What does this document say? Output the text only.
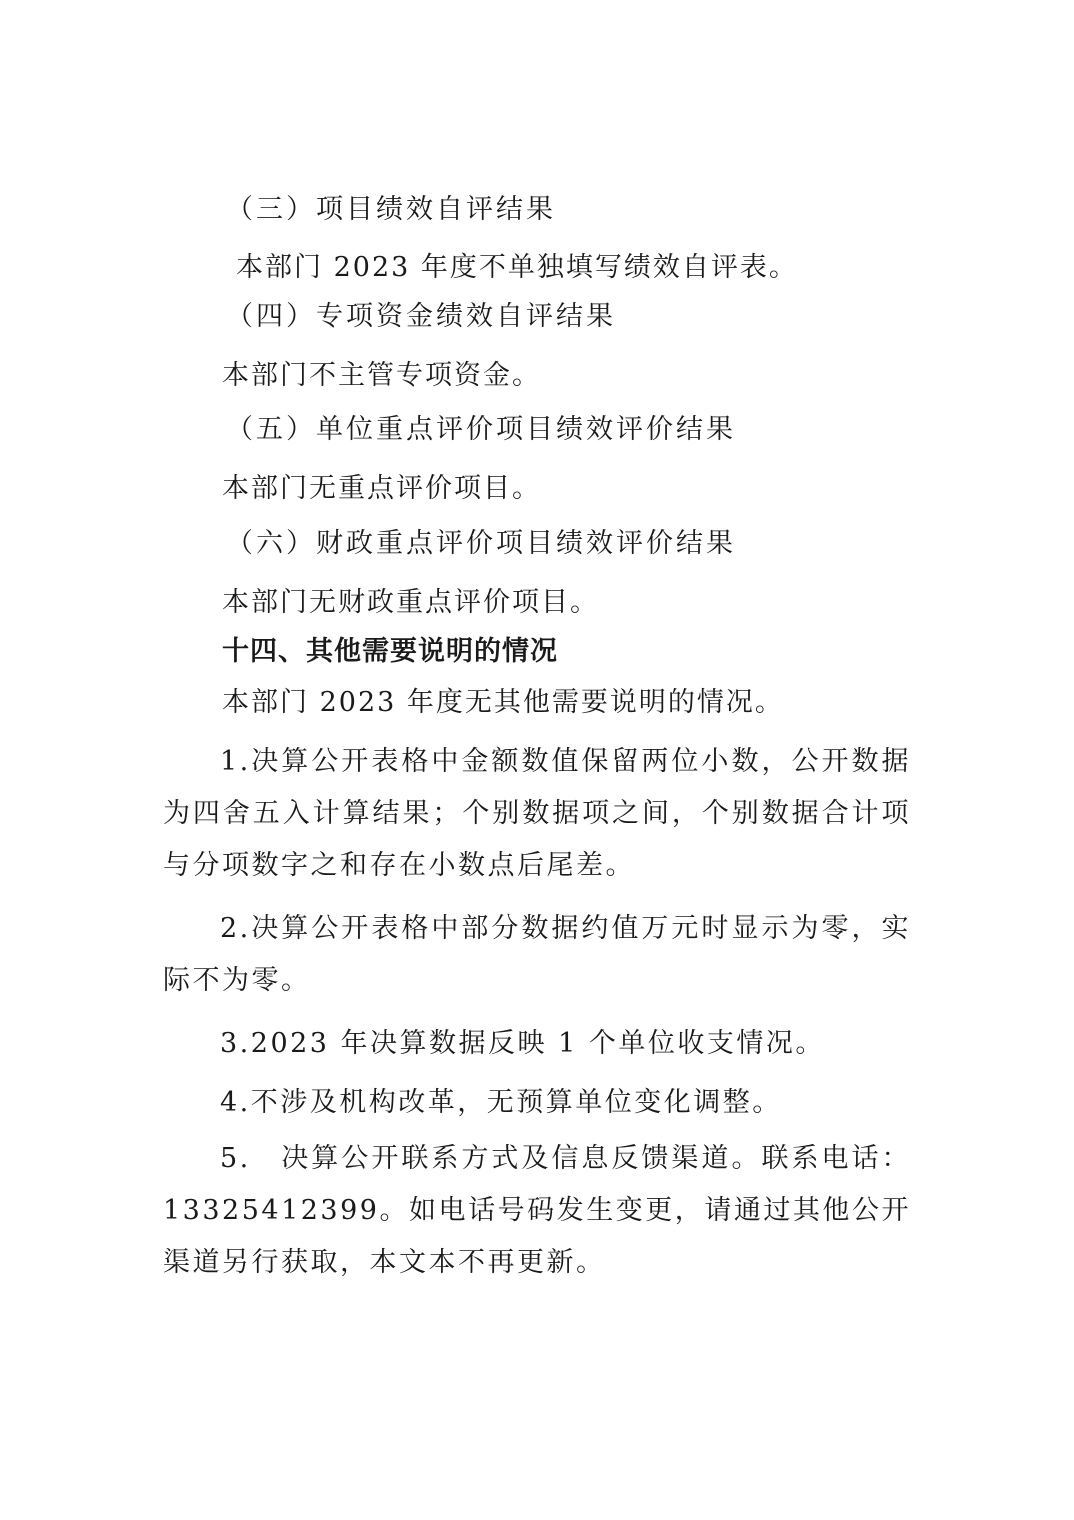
（三）项目绩效自评结果
本部门 2023 年度不单独填写绩效自评表。
（四）专项资金绩效自评结果
本部门不主管专项资金。
（五）单位重点评价项目绩效评价结果
本部门无重点评价项目。
（六）财政重点评价项目绩效评价结果
本部门无财政重点评价项目。
十四、其他需要说明的情况
本部门 2023 年度无其他需要说明的情况。
1.决算公开表格中金额数值保留两位小数，公开数据为四舍五入计算结果；个别数据项之间，个别数据合计项与分项数字之和存在小数点后尾差。
2.决算公开表格中部分数据约值万元时显示为零，实际不为零。
3.2023 年决算数据反映 1 个单位收支情况。
4.不涉及机构改革，无预算单位变化调整。
5.　决算公开联系方式及信息反馈渠道。联系电话：13325412399。如电话号码发生变更，请通过其他公开渠道另行获取，本文本不再更新。
